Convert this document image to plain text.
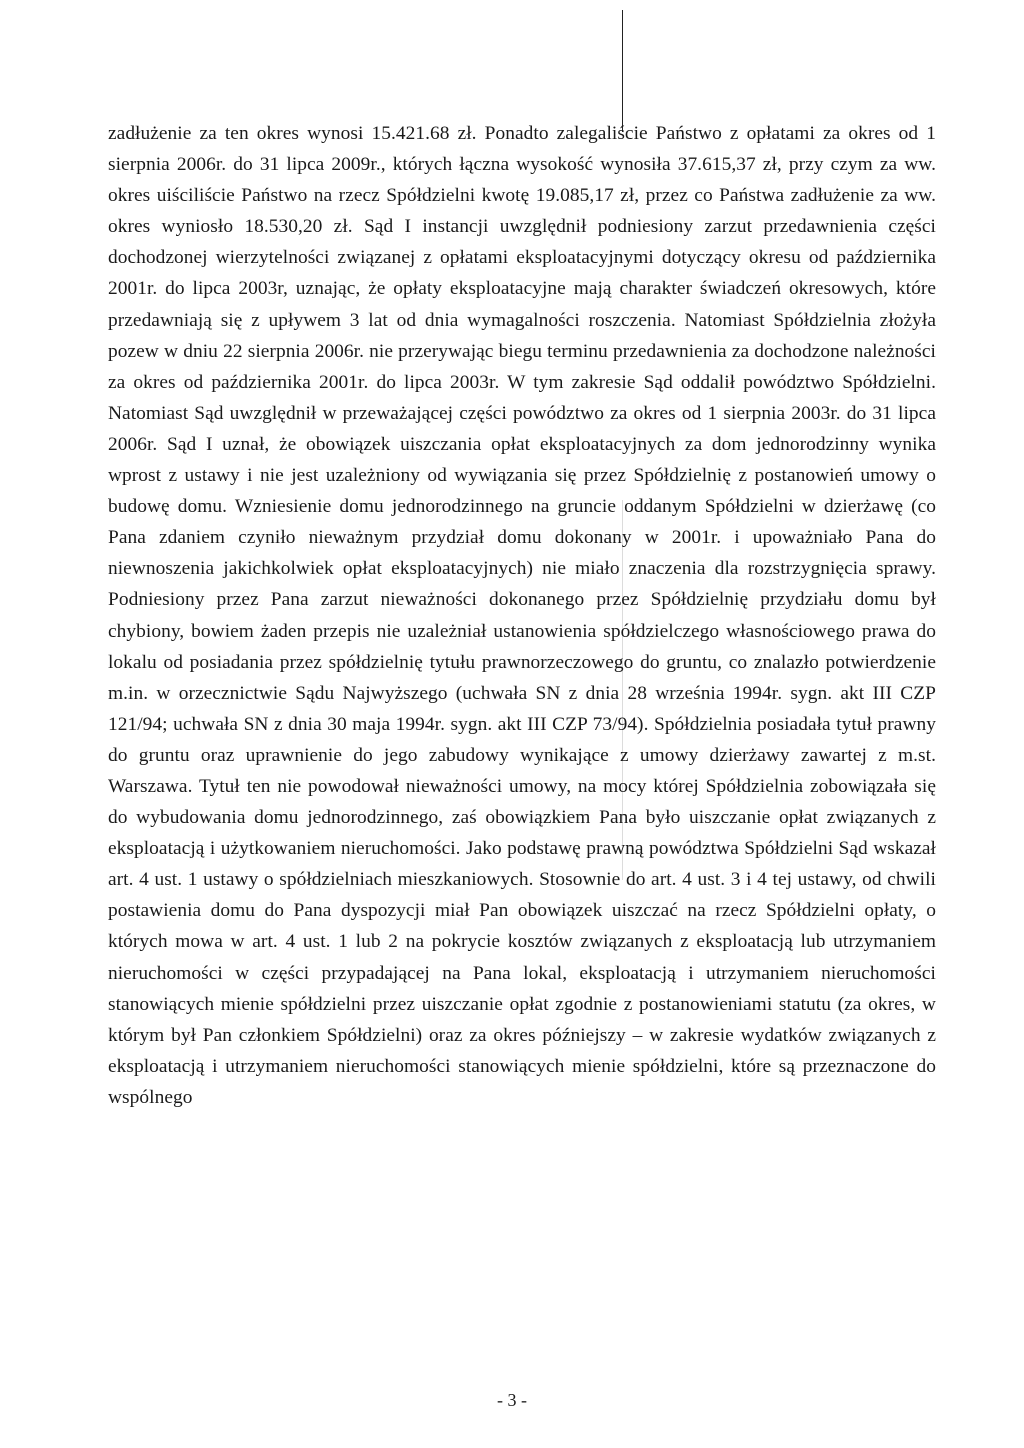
zadłużenie za ten okres wynosi 15.421.68 zł. Ponadto zalegaliście Państwo z opłatami za okres od 1 sierpnia 2006r. do 31 lipca 2009r., których łączna wysokość wynosiła 37.615,37 zł, przy czym za ww. okres uiściliście Państwo na rzecz Spółdzielni kwotę 19.085,17 zł, przez co Państwa zadłużenie za ww. okres wyniosło 18.530,20 zł. Sąd I instancji uwzględnił podniesiony zarzut przedawnienia części dochodzonej wierzytelności związanej z opłatami eksploatacyjnymi dotyczący okresu od października 2001r. do lipca 2003r, uznając, że opłaty eksploatacyjne mają charakter świadczeń okresowych, które przedawniają się z upływem 3 lat od dnia wymagalności roszczenia. Natomiast Spółdzielnia złożyła pozew w dniu 22 sierpnia 2006r. nie przerywając biegu terminu przedawnienia za dochodzone należności za okres od października 2001r. do lipca 2003r. W tym zakresie Sąd oddalił powództwo Spółdzielni. Natomiast Sąd uwzględnił w przeważającej części powództwo za okres od 1 sierpnia 2003r. do 31 lipca 2006r. Sąd I uznał, że obowiązek uiszczania opłat eksploatacyjnych za dom jednorodzinny wynika wprost z ustawy i nie jest uzależniony od wywiązania się przez Spółdzielnię z postanowień umowy o budowę domu. Wzniesienie domu jednorodzinnego na gruncie oddanym Spółdzielni w dzierżawę (co Pana zdaniem czyniło nieważnym przydział domu dokonany w 2001r. i upoważniało Pana do niewnoszenia jakichkolwiek opłat eksploatacyjnych) nie miało znaczenia dla rozstrzygnięcia sprawy. Podniesiony przez Pana zarzut nieważności dokonanego przez Spółdzielnię przydziału domu był chybiony, bowiem żaden przepis nie uzależniał ustanowienia spółdzielczego własnościowego prawa do lokalu od posiadania przez spółdzielnię tytułu prawnorzeczowego do gruntu, co znalazło potwierdzenie m.in. w orzecznictwie Sądu Najwyższego (uchwała SN z dnia 28 września 1994r. sygn. akt III CZP 121/94; uchwała SN z dnia 30 maja 1994r. sygn. akt III CZP 73/94). Spółdzielnia posiadała tytuł prawny do gruntu oraz uprawnienie do jego zabudowy wynikające z umowy dzierżawy zawartej z m.st. Warszawa. Tytuł ten nie powodował nieważności umowy, na mocy której Spółdzielnia zobowiązała się do wybudowania domu jednorodzinnego, zaś obowiązkiem Pana było uiszczanie opłat związanych z eksploatacją i użytkowaniem nieruchomości. Jako podstawę prawną powództwa Spółdzielni Sąd wskazał art. 4 ust. 1 ustawy o spółdzielniach mieszkaniowych. Stosownie do art. 4 ust. 3 i 4 tej ustawy, od chwili postawienia domu do Pana dyspozycji miał Pan obowiązek uiszczać na rzecz Spółdzielni opłaty, o których mowa w art. 4 ust. 1 lub 2 na pokrycie kosztów związanych z eksploatacją lub utrzymaniem nieruchomości w części przypadającej na Pana lokal, eksploatacją i utrzymaniem nieruchomości stanowiących mienie spółdzielni przez uiszczanie opłat zgodnie z postanowieniami statutu (za okres, w którym był Pan członkiem Spółdzielni) oraz za okres późniejszy – w zakresie wydatków związanych z eksploatacją i utrzymaniem nieruchomości stanowiących mienie spółdzielni, które są przeznaczone do wspólnego

- 3 -
